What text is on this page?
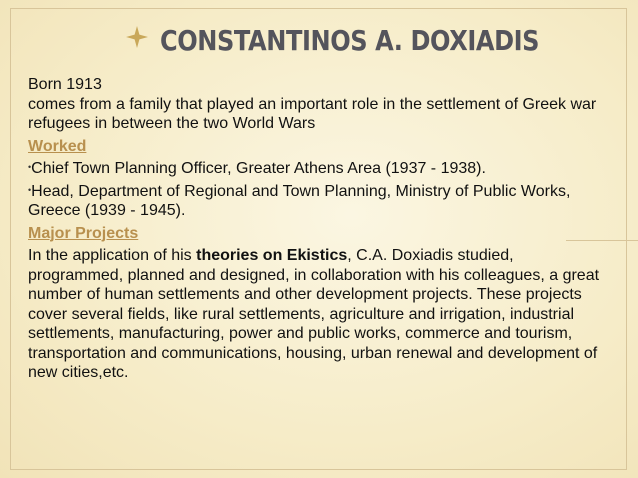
CONSTANTINOS A. DOXIADIS

Born 1913

comes from a family that played an important role in the settlement of Greek war refugees in between the two World Wars

Worked

•Chief Town Planning Officer, Greater Athens Area (1937 - 1938).

•Head, Department of Regional and Town Planning, Ministry of Public Works, Greece (1939 - 1945).

Major Projects

In the application of his theories on Ekistics, C.A. Doxiadis studied, programmed, planned and designed, in collaboration with his colleagues, a great number of human settlements and other development projects. These projects cover several fields, like rural settlements, agriculture and irrigation, industrial settlements, manufacturing, power and public works, commerce and tourism, transportation and communications, housing, urban renewal and development of new cities,etc.
